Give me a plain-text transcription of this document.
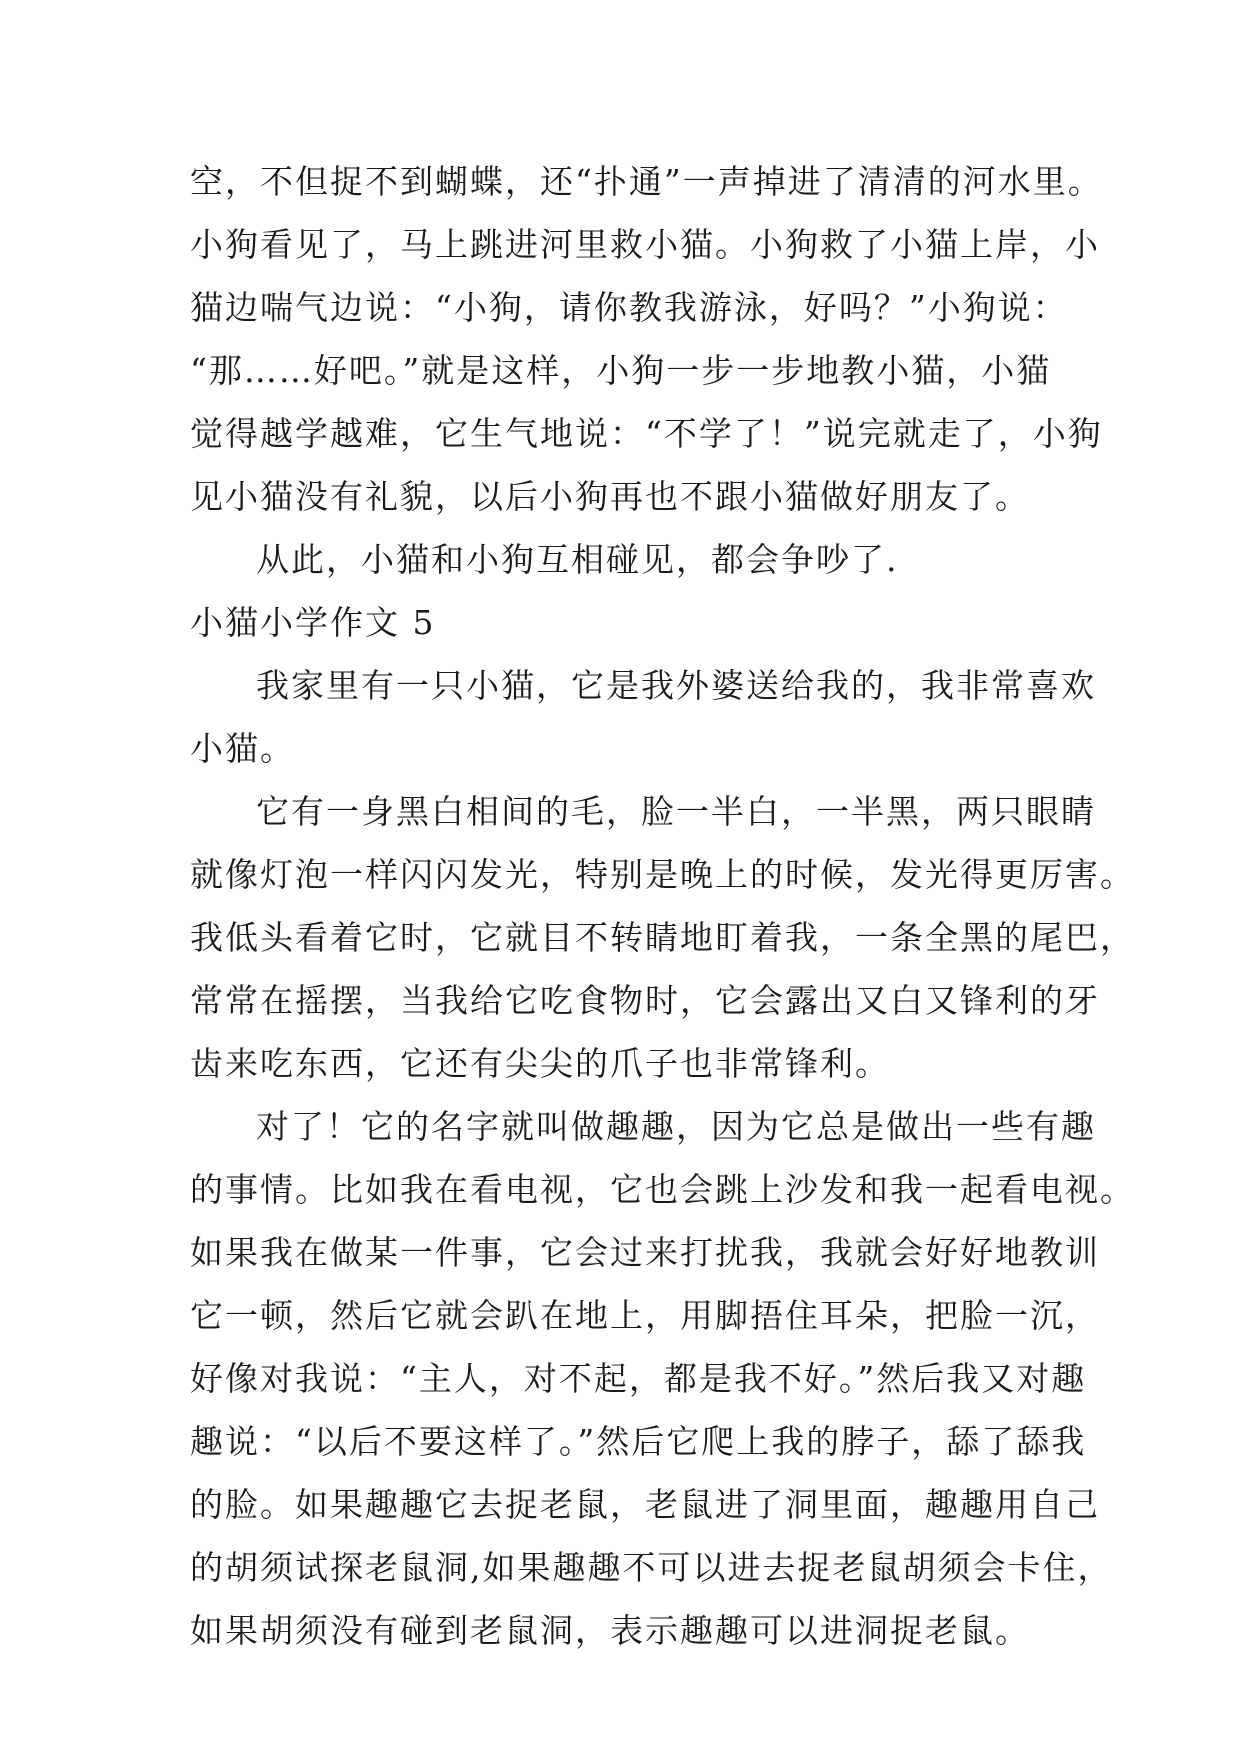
空，不但捉不到蝴蝶，还“扑通”一声掉进了清清的河水里。
小狗看见了，马上跳进河里救小猫。小狗救了小猫上岸，小
猫边喘气边说：“小狗，请你教我游泳，好吗？”小狗说：
“那……好吧。”就是这样，小狗一步一步地教小猫，小猫
觉得越学越难，它生气地说：“不学了！”说完就走了，小狗
见小猫没有礼貌，以后小狗再也不跟小猫做好朋友了。
从此，小猫和小狗互相碰见，都会争吵了.
小猫小学作文 5
我家里有一只小猫，它是我外婆送给我的，我非常喜欢
小猫。
它有一身黑白相间的毛，脸一半白，一半黑，两只眼睛
就像灯泡一样闪闪发光，特别是晚上的时候，发光得更厉害。
我低头看着它时，它就目不转睛地盯着我，一条全黑的尾巴，
常常在摇摆，当我给它吃食物时，它会露出又白又锋利的牙
齿来吃东西，它还有尖尖的爪子也非常锋利。
对了！它的名字就叫做趣趣，因为它总是做出一些有趣
的事情。比如我在看电视，它也会跳上沙发和我一起看电视。
如果我在做某一件事，它会过来打扰我，我就会好好地教训
它一顿，然后它就会趴在地上，用脚捂住耳朵，把脸一沉，
好像对我说：“主人，对不起，都是我不好。”然后我又对趣
趣说：“以后不要这样了。”然后它爬上我的脖子，舔了舔我
的脸。如果趣趣它去捉老鼠，老鼠进了洞里面，趣趣用自己
的胡须试探老鼠洞,如果趣趣不可以进去捉老鼠胡须会卡住，
如果胡须没有碰到老鼠洞，表示趣趣可以进洞捉老鼠。
